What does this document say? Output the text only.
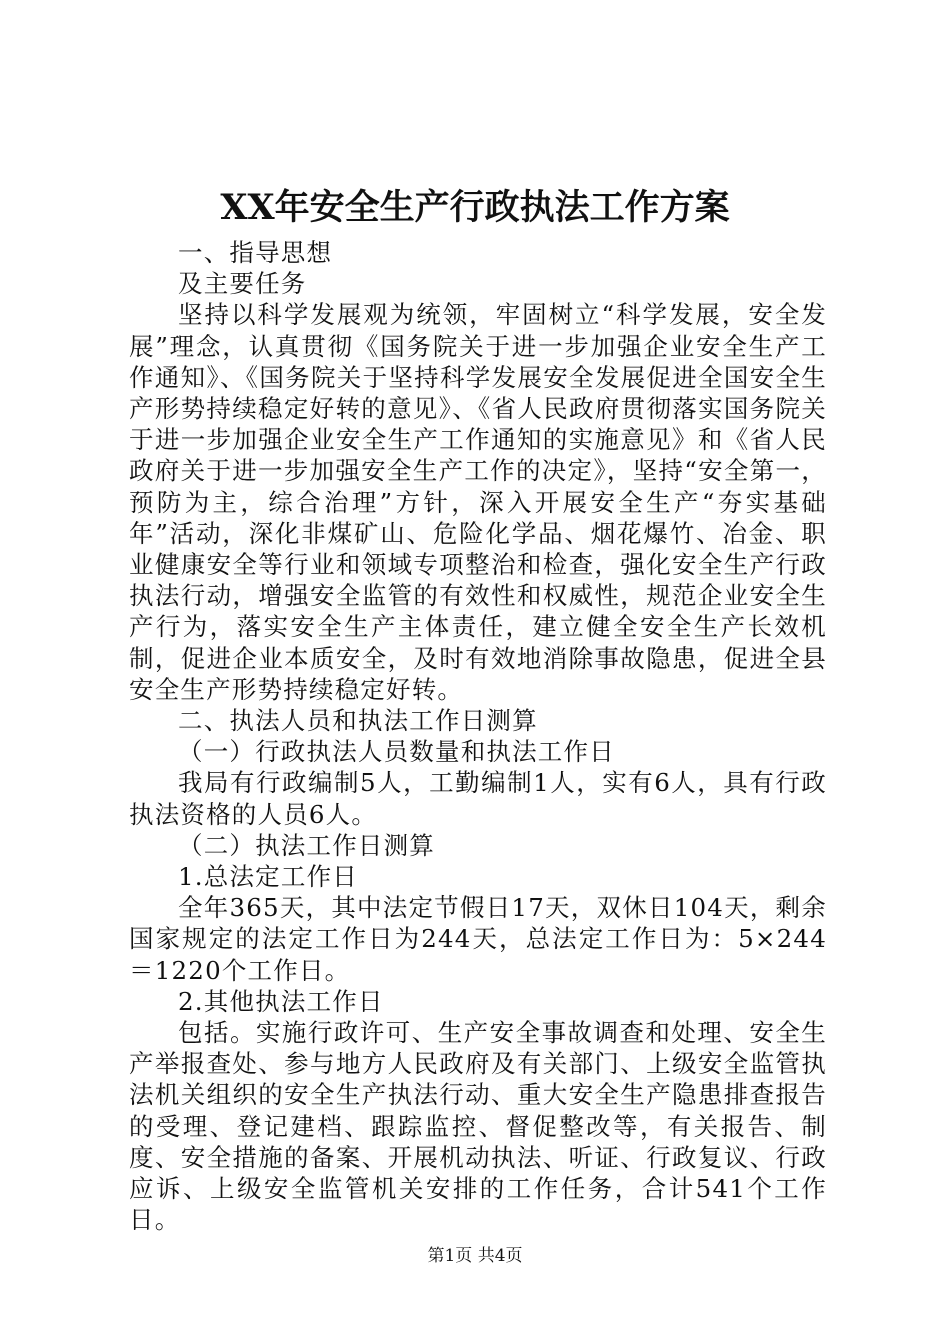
XX年安全生产行政执法工作方案

一、指导思想

及主要任务

坚持以科学发展观为统领，牢固树立“科学发展，安全发展”理念，认真贯彻《国务院关于进一步加强企业安全生产工作通知》、《国务院关于坚持科学发展安全发展促进全国安全生产形势持续稳定好转的意见》、《省人民政府贯彻落实国务院关于进一步加强企业安全生产工作通知的实施意见》和《省人民政府关于进一步加强安全生产工作的决定》，坚持“安全第一，预防为主，综合治理”方针，深入开展安全生产“夯实基础年”活动，深化非煤矿山、危险化学品、烟花爆竹、冶金、职业健康安全等行业和领域专项整治和检查，强化安全生产行政执法行动，增强安全监管的有效性和权威性，规范企业安全生产行为，落实安全生产主体责任，建立健全安全生产长效机制，促进企业本质安全，及时有效地消除事故隐患，促进全县安全生产形势持续稳定好转。

二、执法人员和执法工作日测算

（一）行政执法人员数量和执法工作日

我局有行政编制5人，工勤编制1人，实有6人，具有行政执法资格的人员6人。

（二）执法工作日测算

1.总法定工作日

全年365天，其中法定节假日17天，双休日104天，剩余国家规定的法定工作日为244天，总法定工作日为：5×244＝1220个工作日。

2.其他执法工作日

包括。实施行政许可、生产安全事故调查和处理、安全生产举报查处、参与地方人民政府及有关部门、上级安全监管执法机关组织的安全生产执法行动、重大安全生产隐患排查报告的受理、登记建档、跟踪监控、督促整改等，有关报告、制度、安全措施的备案、开展机动执法、听证、行政复议、行政应诉、上级安全监管机关安排的工作任务，合计541个工作日。

第1页 共4页
